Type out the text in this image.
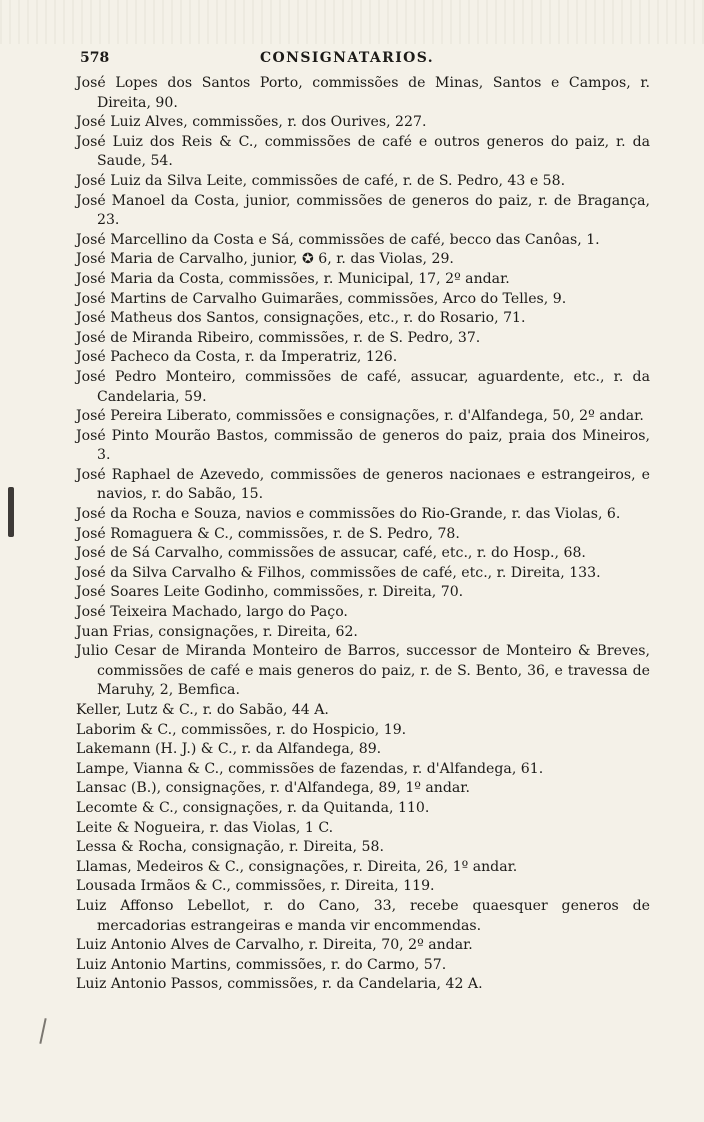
578	CONSIGNATARIOS.

José Lopes dos Santos Porto, commissões de Minas, Santos e Campos, r. Direita, 90.

José Luiz Alves, commissões, r. dos Ourives, 227.

José Luiz dos Reis & C., commissões de café e outros generos do paiz, r. da Saude, 54.

José Luiz da Silva Leite, commissões de café, r. de S. Pedro, 43 e 58.

José Manoel da Costa, junior, commissões de generos do paiz, r. de Bragança, 23.

José Marcellino da Costa e Sá, commissões de café, becco das Canôas, 1.

José Maria de Carvalho, junior, ✪ 6, r. das Violas, 29.

José Maria da Costa, commissões, r. Municipal, 17, 2º andar.

José Martins de Carvalho Guimarães, commissões, Arco do Telles, 9.

José Matheus dos Santos, consignações, etc., r. do Rosario, 71.

José de Miranda Ribeiro, commissões, r. de S. Pedro, 37.

José Pacheco da Costa, r. da Imperatriz, 126.

José Pedro Monteiro, commissões de café, assucar, aguardente, etc., r. da Candelaria, 59.

José Pereira Liberato, commissões e consignações, r. d'Alfandega, 50, 2º andar.

José Pinto Mourão Bastos, commissão de generos do paiz, praia dos Mineiros, 3.

José Raphael de Azevedo, commissões de generos nacionaes e estrangeiros, e navios, r. do Sabão, 15.

José da Rocha e Souza, navios e commissões do Rio-Grande, r. das Violas, 6.

José Romaguera & C., commissões, r. de S. Pedro, 78.

José de Sá Carvalho, commissões de assucar, café, etc., r. do Hosp., 68.

José da Silva Carvalho & Filhos, commissões de café, etc., r. Direita, 133.

José Soares Leite Godinho, commissões, r. Direita, 70.

José Teixeira Machado, largo do Paço.

Juan Frias, consignações, r. Direita, 62.

Julio Cesar de Miranda Monteiro de Barros, successor de Monteiro & Breves, commissões de café e mais generos do paiz, r. de S. Bento, 36, e travessa de Maruhy, 2, Bemfica.

Keller, Lutz & C., r. do Sabão, 44 A.

Laborim & C., commissões, r. do Hospicio, 19.

Lakemann (H. J.) & C., r. da Alfandega, 89.

Lampe, Vianna & C., commissões de fazendas, r. d'Alfandega, 61.

Lansac (B.), consignações, r. d'Alfandega, 89, 1º andar.

Lecomte & C., consignações, r. da Quitanda, 110.

Leite & Nogueira, r. das Violas, 1 C.

Lessa & Rocha, consignação, r. Direita, 58.

Llamas, Medeiros & C., consignações, r. Direita, 26, 1º andar.

Lousada Irmãos & C., commissões, r. Direita, 119.

Luiz Affonso Lebellot, r. do Cano, 33, recebe quaesquer generos de mercadorias estrangeiras e manda vir encommendas.

Luiz Antonio Alves de Carvalho, r. Direita, 70, 2º andar.

Luiz Antonio Martins, commissões, r. do Carmo, 57.

Luiz Antonio Passos, commissões, r. da Candelaria, 42 A.
